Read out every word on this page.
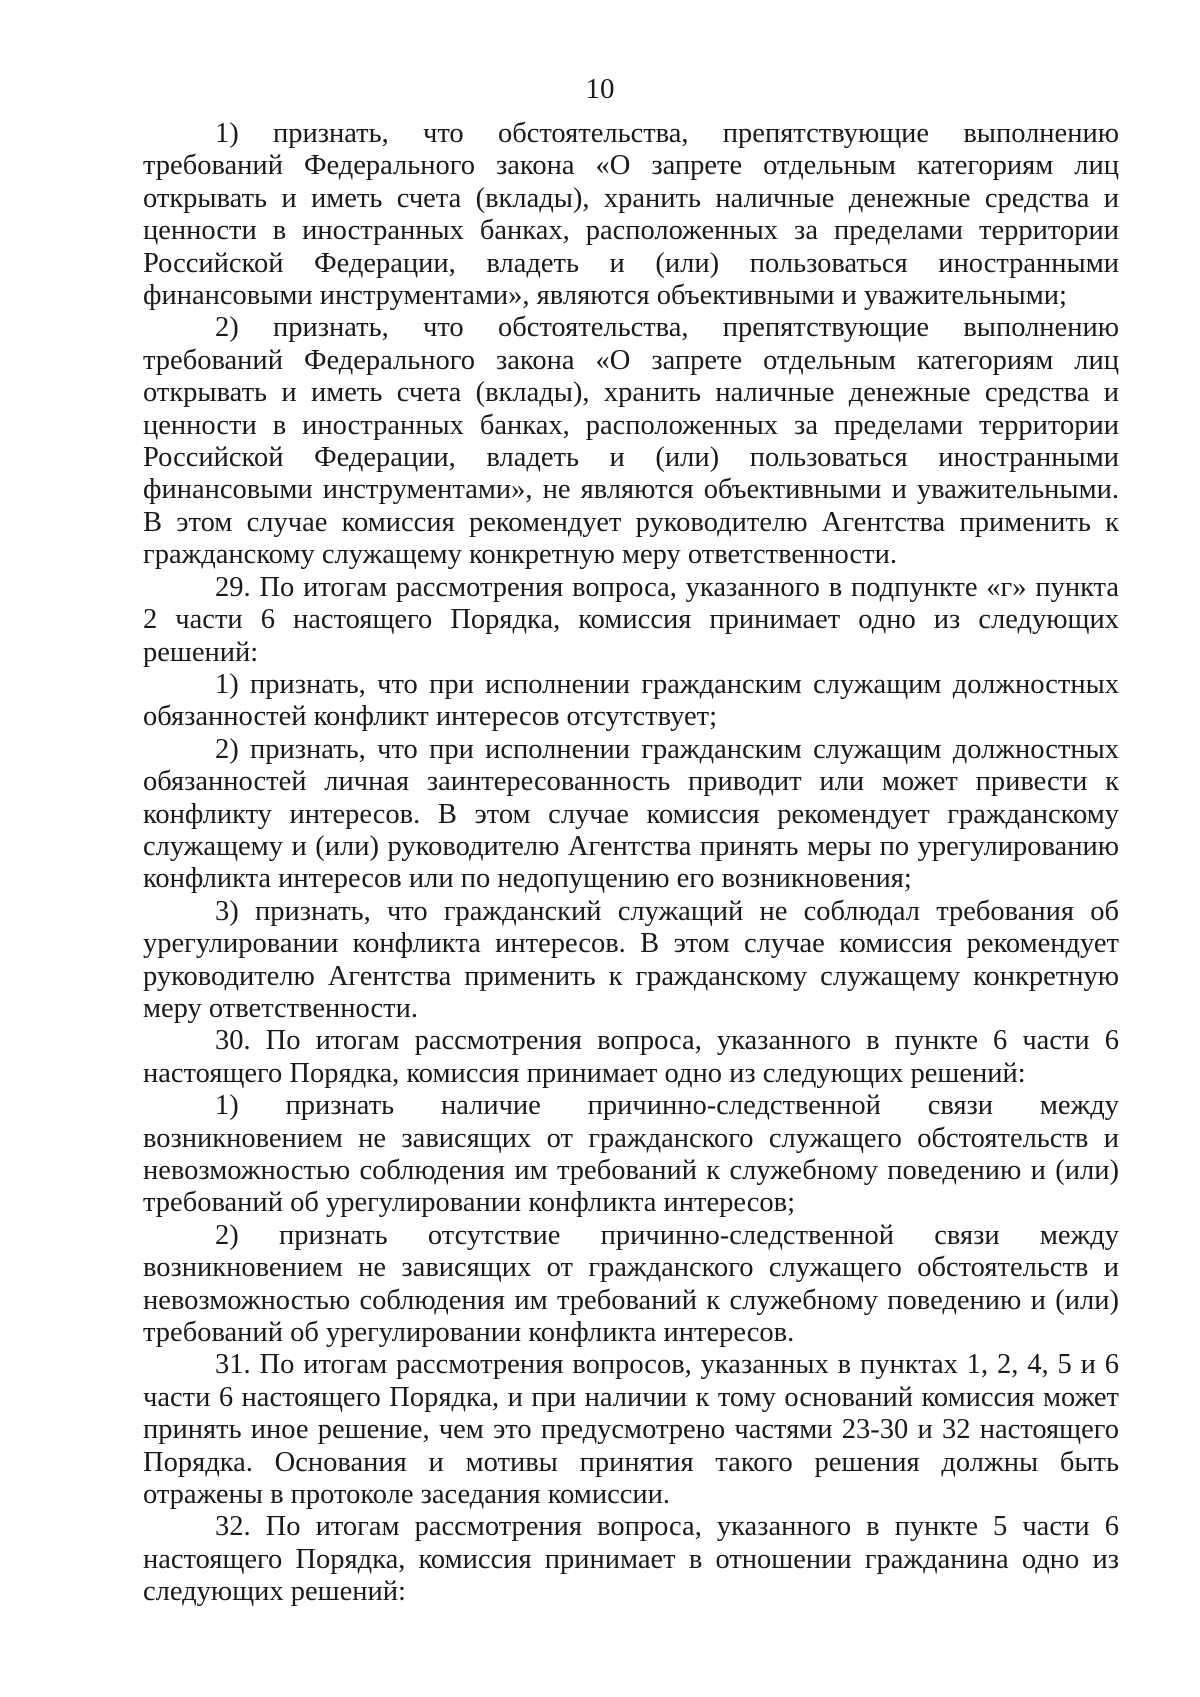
10

1) признать, что обстоятельства, препятствующие выполнению требований Федерального закона «О запрете отдельным категориям лиц открывать и иметь счета (вклады), хранить наличные денежные средства и ценности в иностранных банках, расположенных за пределами территории Российской Федерации, владеть и (или) пользоваться иностранными финансовыми инструментами», являются объективными и уважительными;

2) признать, что обстоятельства, препятствующие выполнению требований Федерального закона «О запрете отдельным категориям лиц открывать и иметь счета (вклады), хранить наличные денежные средства и ценности в иностранных банках, расположенных за пределами территории Российской Федерации, владеть и (или) пользоваться иностранными финансовыми инструментами», не являются объективными и уважительными. В этом случае комиссия рекомендует руководителю Агентства применить к гражданскому служащему конкретную меру ответственности.

29. По итогам рассмотрения вопроса, указанного в подпункте «г» пункта 2 части 6 настоящего Порядка, комиссия принимает одно из следующих решений:

1) признать, что при исполнении гражданским служащим должностных обязанностей конфликт интересов отсутствует;

2) признать, что при исполнении гражданским служащим должностных обязанностей личная заинтересованность приводит или может привести к конфликту интересов. В этом случае комиссия рекомендует гражданскому служащему и (или) руководителю Агентства принять меры по урегулированию конфликта интересов или по недопущению его возникновения;

3) признать, что гражданский служащий не соблюдал требования об урегулировании конфликта интересов. В этом случае комиссия рекомендует руководителю Агентства применить к гражданскому служащему конкретную меру ответственности.

30. По итогам рассмотрения вопроса, указанного в пункте 6 части 6 настоящего Порядка, комиссия принимает одно из следующих решений:

1) признать наличие причинно-следственной связи между возникновением не зависящих от гражданского служащего обстоятельств и невозможностью соблюдения им требований к служебному поведению и (или) требований об урегулировании конфликта интересов;

2) признать отсутствие причинно-следственной связи между возникновением не зависящих от гражданского служащего обстоятельств и невозможностью соблюдения им требований к служебному поведению и (или) требований об урегулировании конфликта интересов.

31. По итогам рассмотрения вопросов, указанных в пунктах 1, 2, 4, 5 и 6 части 6 настоящего Порядка, и при наличии к тому оснований комиссия может принять иное решение, чем это предусмотрено частями 23-30 и 32 настоящего Порядка. Основания и мотивы принятия такого решения должны быть отражены в протоколе заседания комиссии.

32. По итогам рассмотрения вопроса, указанного в пункте 5 части 6 настоящего Порядка, комиссия принимает в отношении гражданина одно из следующих решений:
